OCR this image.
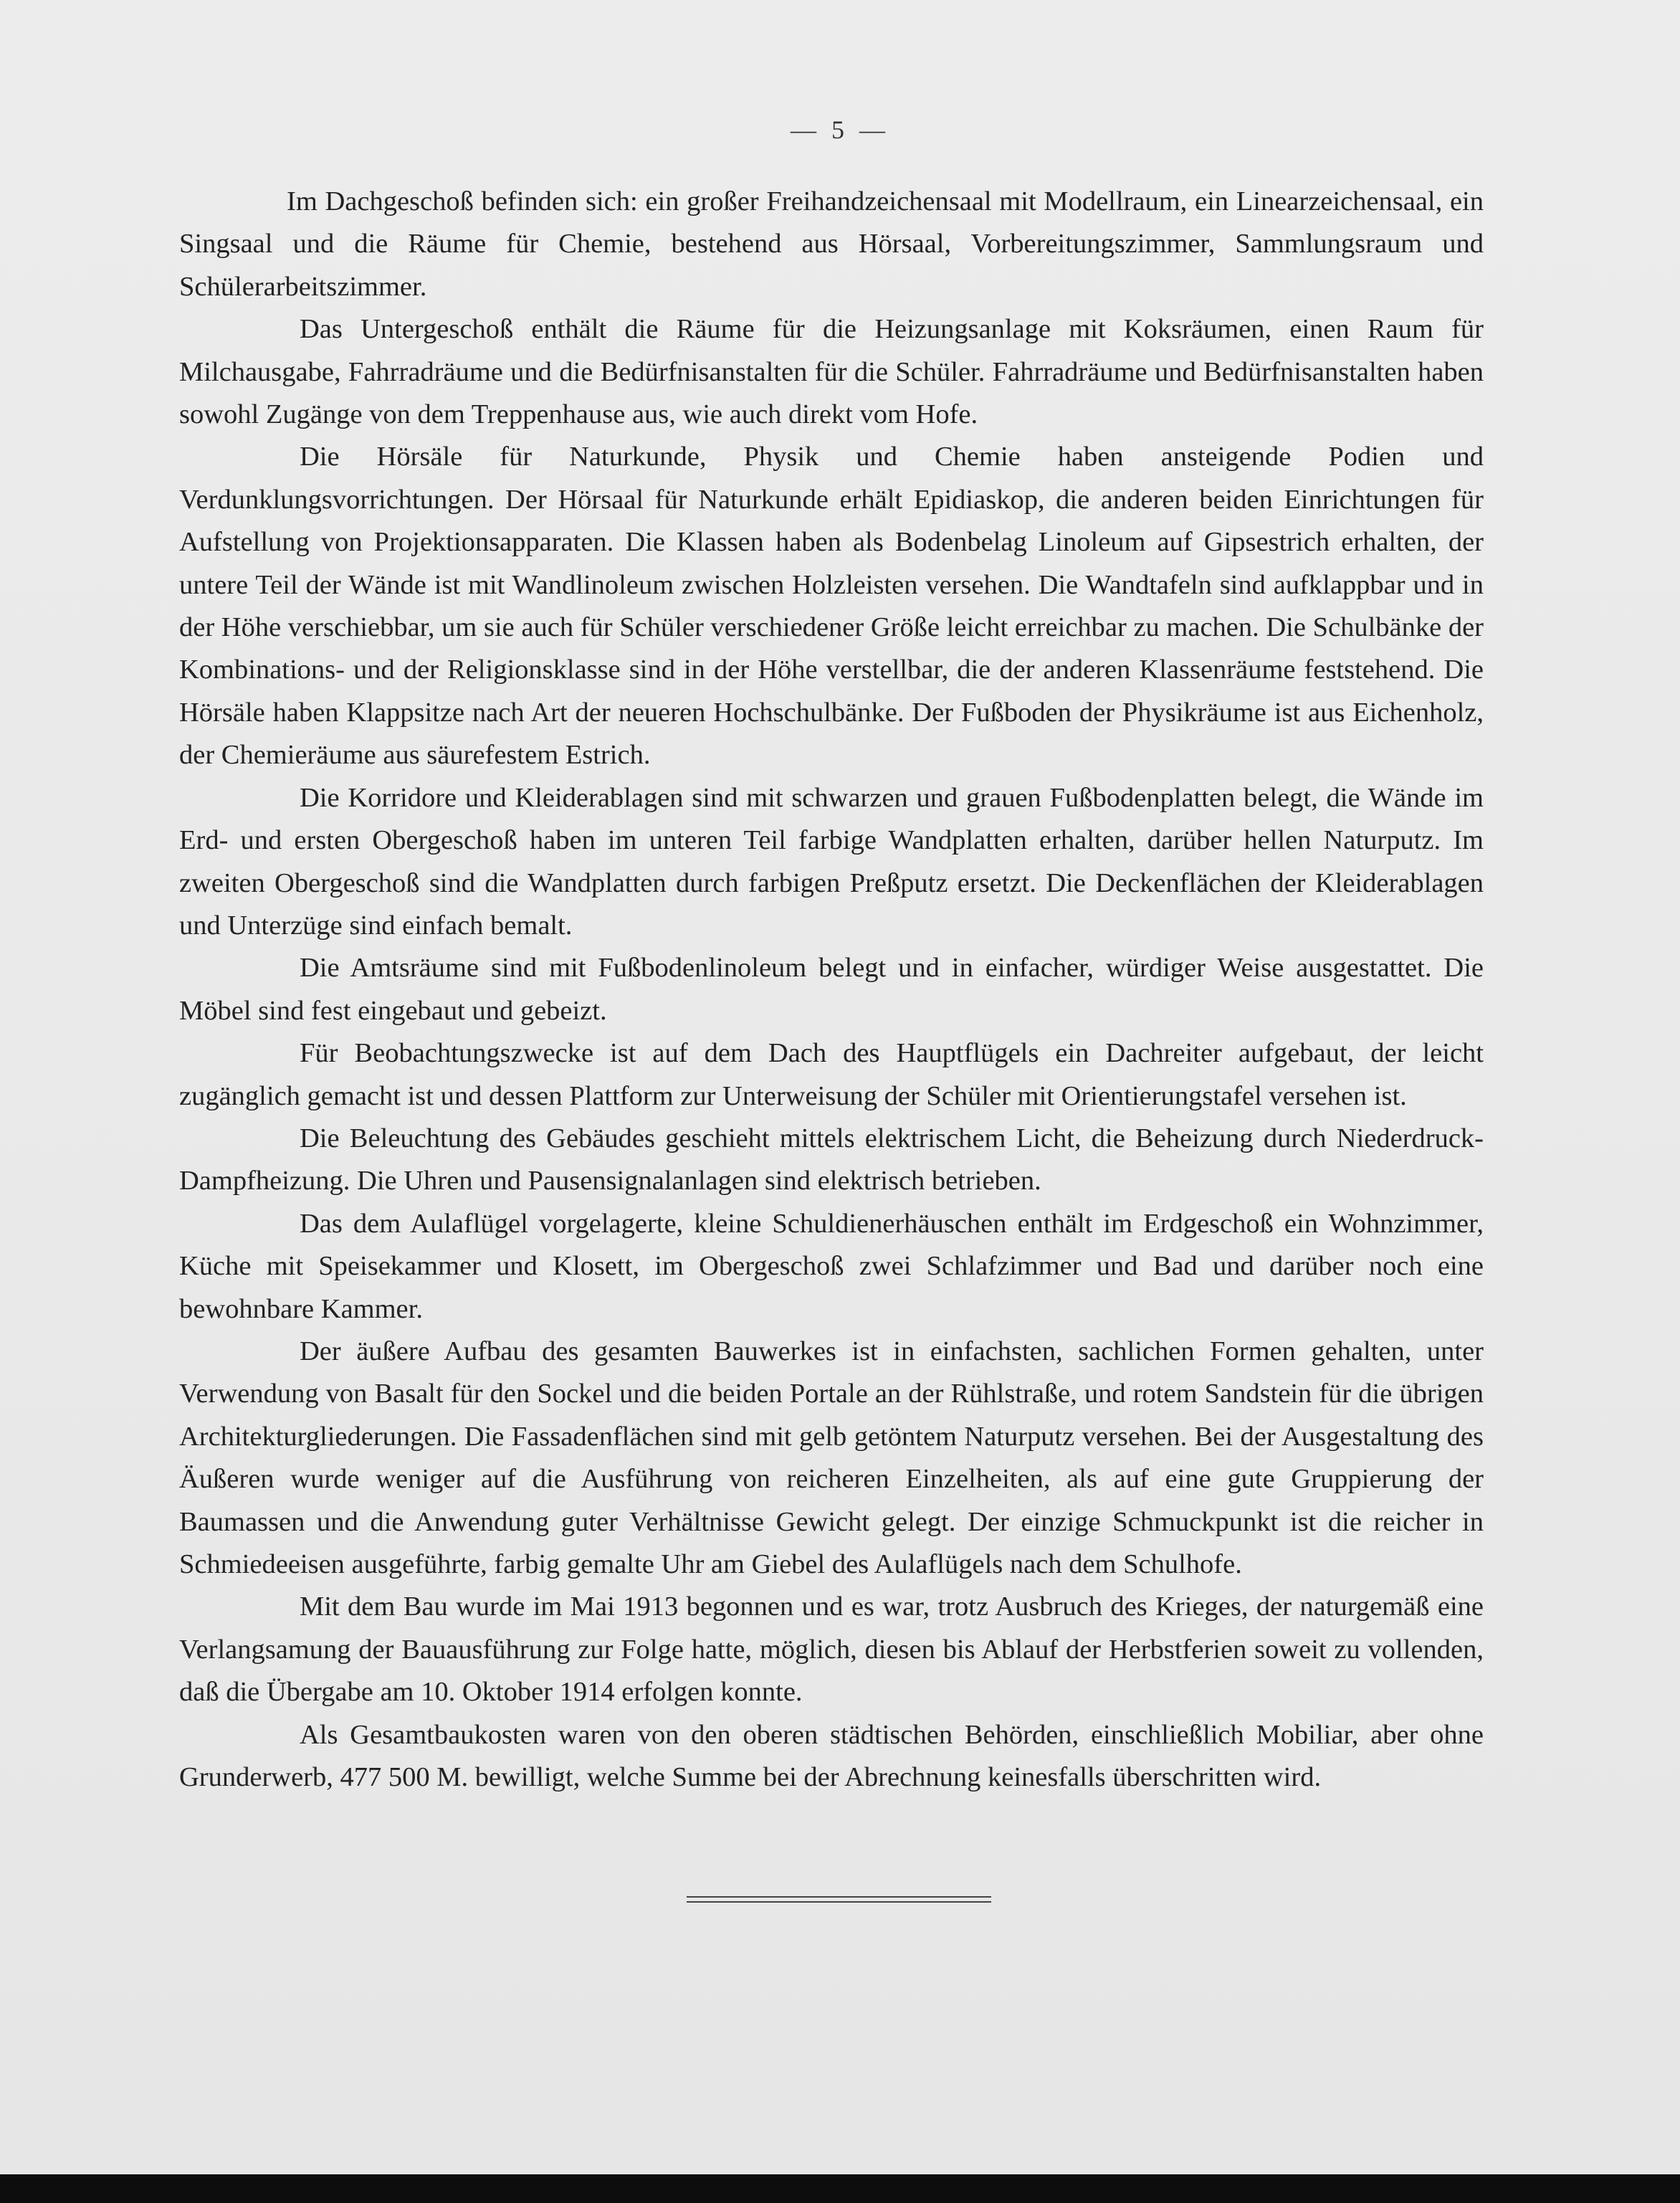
— 5 —

Im Dachgeschoß befinden sich: ein großer Freihandzeichensaal mit Modellraum, ein Linearzeichensaal, ein Singsaal und die Räume für Chemie, bestehend aus Hörsaal, Vorbereitungszimmer, Sammlungsraum und Schülerarbeitszimmer.

Das Untergeschoß enthält die Räume für die Heizungsanlage mit Koksräumen, einen Raum für Milchausgabe, Fahrradräume und die Bedürfnisanstalten für die Schüler. Fahrradräume und Bedürfnisanstalten haben sowohl Zugänge von dem Treppenhause aus, wie auch direkt vom Hofe.

Die Hörsäle für Naturkunde, Physik und Chemie haben ansteigende Podien und Verdunklungsvorrichtungen. Der Hörsaal für Naturkunde erhält Epidiaskop, die anderen beiden Einrichtungen für Aufstellung von Projektionsapparaten. Die Klassen haben als Bodenbelag Linoleum auf Gipsestrich erhalten, der untere Teil der Wände ist mit Wandlinoleum zwischen Holzleisten versehen. Die Wandtafeln sind aufklappbar und in der Höhe verschiebbar, um sie auch für Schüler verschiedener Größe leicht erreichbar zu machen. Die Schulbänke der Kombinations- und der Religionsklasse sind in der Höhe verstellbar, die der anderen Klassenräume feststehend. Die Hörsäle haben Klappsitze nach Art der neueren Hochschulbänke. Der Fußboden der Physikräume ist aus Eichenholz, der Chemieräume aus säurefestem Estrich.

Die Korridore und Kleiderablagen sind mit schwarzen und grauen Fußbodenplatten belegt, die Wände im Erd- und ersten Obergeschoß haben im unteren Teil farbige Wandplatten erhalten, darüber hellen Naturputz. Im zweiten Obergeschoß sind die Wandplatten durch farbigen Preßputz ersetzt. Die Deckenflächen der Kleiderablagen und Unterzüge sind einfach bemalt.

Die Amtsräume sind mit Fußbodenlinoleum belegt und in einfacher, würdiger Weise ausgestattet. Die Möbel sind fest eingebaut und gebeizt.

Für Beobachtungszwecke ist auf dem Dach des Hauptflügels ein Dachreiter aufgebaut, der leicht zugänglich gemacht ist und dessen Plattform zur Unterweisung der Schüler mit Orientierungstafel versehen ist.

Die Beleuchtung des Gebäudes geschieht mittels elektrischem Licht, die Beheizung durch Niederdruck-Dampfheizung. Die Uhren und Pausensignalanlagen sind elektrisch betrieben.

Das dem Aulaflügel vorgelagerte, kleine Schuldienerhäuschen enthält im Erdgeschoß ein Wohnzimmer, Küche mit Speisekammer und Klosett, im Obergeschoß zwei Schlafzimmer und Bad und darüber noch eine bewohnbare Kammer.

Der äußere Aufbau des gesamten Bauwerkes ist in einfachsten, sachlichen Formen gehalten, unter Verwendung von Basalt für den Sockel und die beiden Portale an der Rühlstraße, und rotem Sandstein für die übrigen Architekturgliederungen. Die Fassadenflächen sind mit gelb getöntem Naturputz versehen. Bei der Ausgestaltung des Äußeren wurde weniger auf die Ausführung von reicheren Einzelheiten, als auf eine gute Gruppierung der Baumassen und die Anwendung guter Verhältnisse Gewicht gelegt. Der einzige Schmuckpunkt ist die reicher in Schmiedeeisen ausgeführte, farbig gemalte Uhr am Giebel des Aulaflügels nach dem Schulhofe.

Mit dem Bau wurde im Mai 1913 begonnen und es war, trotz Ausbruch des Krieges, der naturgemäß eine Verlangsamung der Bauausführung zur Folge hatte, möglich, diesen bis Ablauf der Herbstferien soweit zu vollenden, daß die Übergabe am 10. Oktober 1914 erfolgen konnte.

Als Gesamtbaukosten waren von den oberen städtischen Behörden, einschließlich Mobiliar, aber ohne Grunderwerb, 477 500 M. bewilligt, welche Summe bei der Abrechnung keinesfalls überschritten wird.
